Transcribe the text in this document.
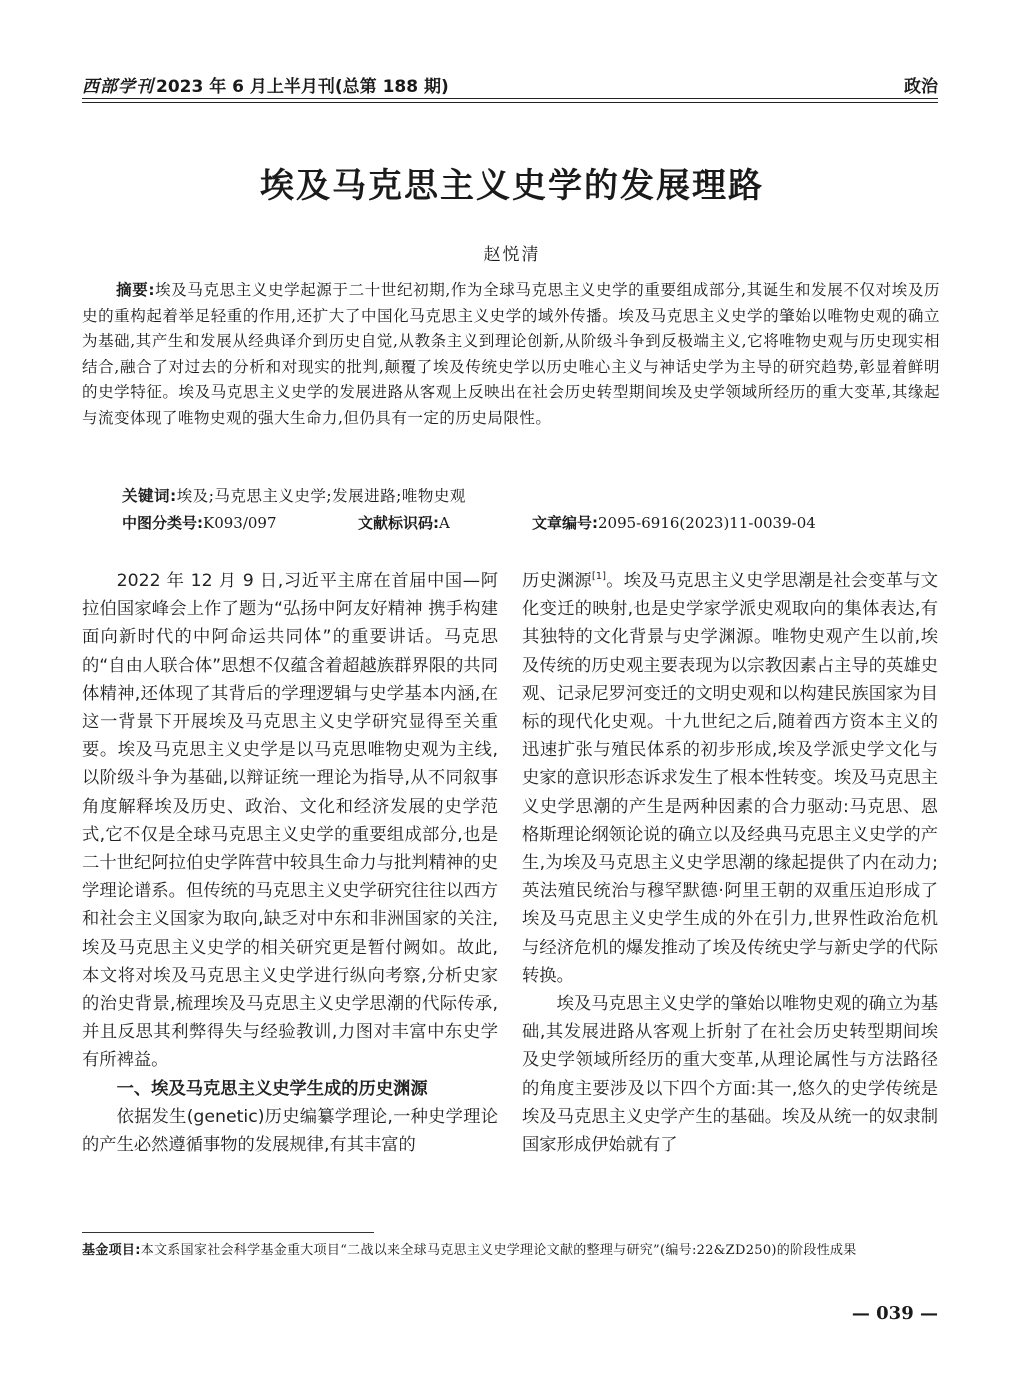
西部学刊 2023 年 6 月上半月刊(总第 188 期)	政治
埃及马克思主义史学的发展理路
赵悦清
摘要:埃及马克思主义史学起源于二十世纪初期,作为全球马克思主义史学的重要组成部分,其诞生和发展不仅对埃及历史的重构起着举足轻重的作用,还扩大了中国化马克思主义史学的域外传播。埃及马克思主义史学的肇始以唯物史观的确立为基础,其产生和发展从经典译介到历史自觉,从教条主义到理论创新,从阶级斗争到反极端主义,它将唯物史观与历史现实相结合,融合了对过去的分析和对现实的批判,颠覆了埃及传统史学以历史唯心主义与神话史学为主导的研究趋势,彰显着鲜明的史学特征。埃及马克思主义史学的发展进路从客观上反映出在社会历史转型期间埃及史学领域所经历的重大变革,其缘起与流变体现了唯物史观的强大生命力,但仍具有一定的历史局限性。
关键词:埃及;马克思主义史学;发展进路;唯物史观
中图分类号:K093/097	文献标识码:A	文章编号:2095-6916(2023)11-0039-04

2022 年 12 月 9 日,习近平主席在首届中国—阿拉伯国家峰会上作了题为“弘扬中阿友好精神 携手构建面向新时代的中阿命运共同体”的重要讲话。马克思的“自由人联合体”思想不仅蕴含着超越族群界限的共同体精神,还体现了其背后的学理逻辑与史学基本内涵,在这一背景下开展埃及马克思主义史学研究显得至关重要。埃及马克思主义史学是以马克思唯物史观为主线,以阶级斗争为基础,以辩证统一理论为指导,从不同叙事角度解释埃及历史、政治、文化和经济发展的史学范式,它不仅是全球马克思主义史学的重要组成部分,也是二十世纪阿拉伯史学阵营中较具生命力与批判精神的史学理论谱系。但传统的马克思主义史学研究往往以西方和社会主义国家为取向,缺乏对中东和非洲国家的关注,埃及马克思主义史学的相关研究更是暂付阙如。故此,本文将对埃及马克思主义史学进行纵向考察,分析史家的治史背景,梳理埃及马克思主义史学思潮的代际传承,并且反思其利弊得失与经验教训,力图对丰富中东史学有所裨益。

一、埃及马克思主义史学生成的历史渊源

依据发生(genetic)历史编纂学理论,一种史学理论的产生必然遵循事物的发展规律,有其丰富的

历史渊源[1]。埃及马克思主义史学思潮是社会变革与文化变迁的映射,也是史学家学派史观取向的集体表达,有其独特的文化背景与史学渊源。唯物史观产生以前,埃及传统的历史观主要表现为以宗教因素占主导的英雄史观、记录尼罗河变迁的文明史观和以构建民族国家为目标的现代化史观。十九世纪之后,随着西方资本主义的迅速扩张与殖民体系的初步形成,埃及学派史学文化与史家的意识形态诉求发生了根本性转变。埃及马克思主义史学思潮的产生是两种因素的合力驱动:马克思、恩格斯理论纲领论说的确立以及经典马克思主义史学的产生,为埃及马克思主义史学思潮的缘起提供了内在动力;英法殖民统治与穆罕默德·阿里王朝的双重压迫形成了埃及马克思主义史学生成的外在引力,世界性政治危机与经济危机的爆发推动了埃及传统史学与新史学的代际转换。

埃及马克思主义史学的肇始以唯物史观的确立为基础,其发展进路从客观上折射了在社会历史转型期间埃及史学领域所经历的重大变革,从理论属性与方法路径的角度主要涉及以下四个方面:其一,悠久的史学传统是埃及马克思主义史学产生的基础。埃及从统一的奴隶制国家形成伊始就有了

基金项目:本文系国家社会科学基金重大项目“二战以来全球马克思主义史学理论文献的整理与研究”(编号:22&ZD250)的阶段性成果
— 039 —
